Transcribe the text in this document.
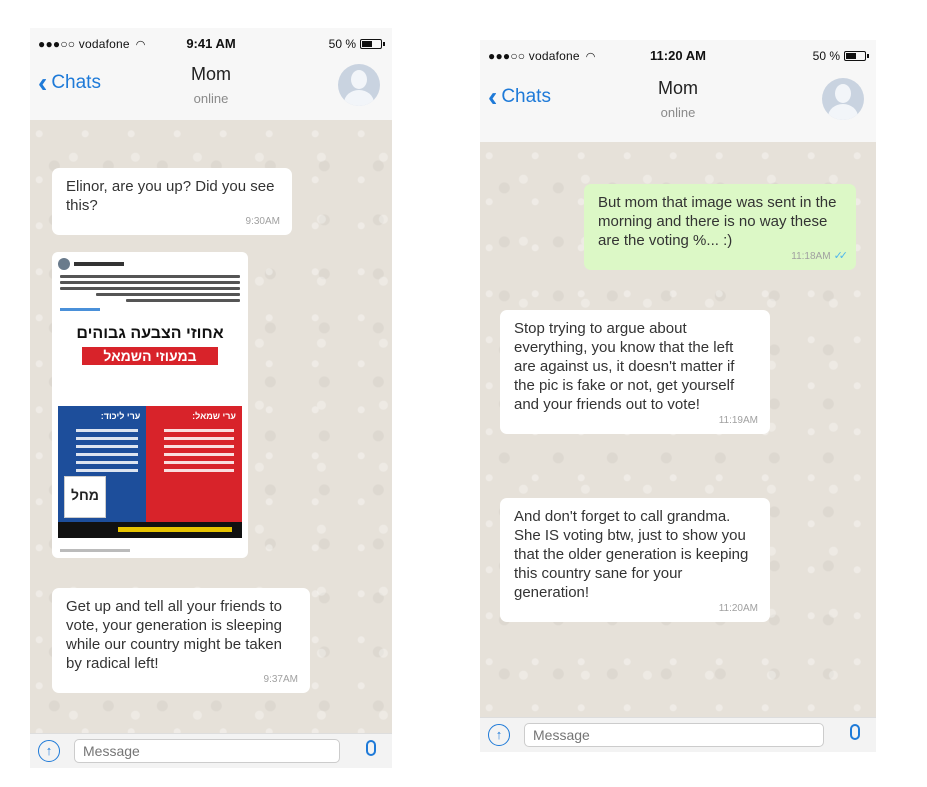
●●●○○ vodafone ◠	9:41 AM	50 %
‹ Chats	Mom
online
Elinor, are you up? Did you see this?
9:30AM
אחוזי הצבעה גבוהים
במעוזי השמאל
ערי ליכוד:
מחל
ערי שמאל:
Get up and tell all your friends to vote, your generation is sleeping while our country might be taken by radical left!
9:37AM
↑
Message
●●●○○ vodafone ◠	11:20 AM	50 %
‹ Chats	Mom
online
But mom that image was sent in the morning and there is no way these are the voting %... :)
11:18AM ✓✓
Stop trying to argue about everything, you know that the left are against us, it doesn't matter if the pic is fake or not, get yourself and your friends out to vote!
11:19AM
And don't forget to call grandma. She IS voting btw, just to show you that the older generation is keeping this country sane for your generation!
11:20AM
↑
Message
